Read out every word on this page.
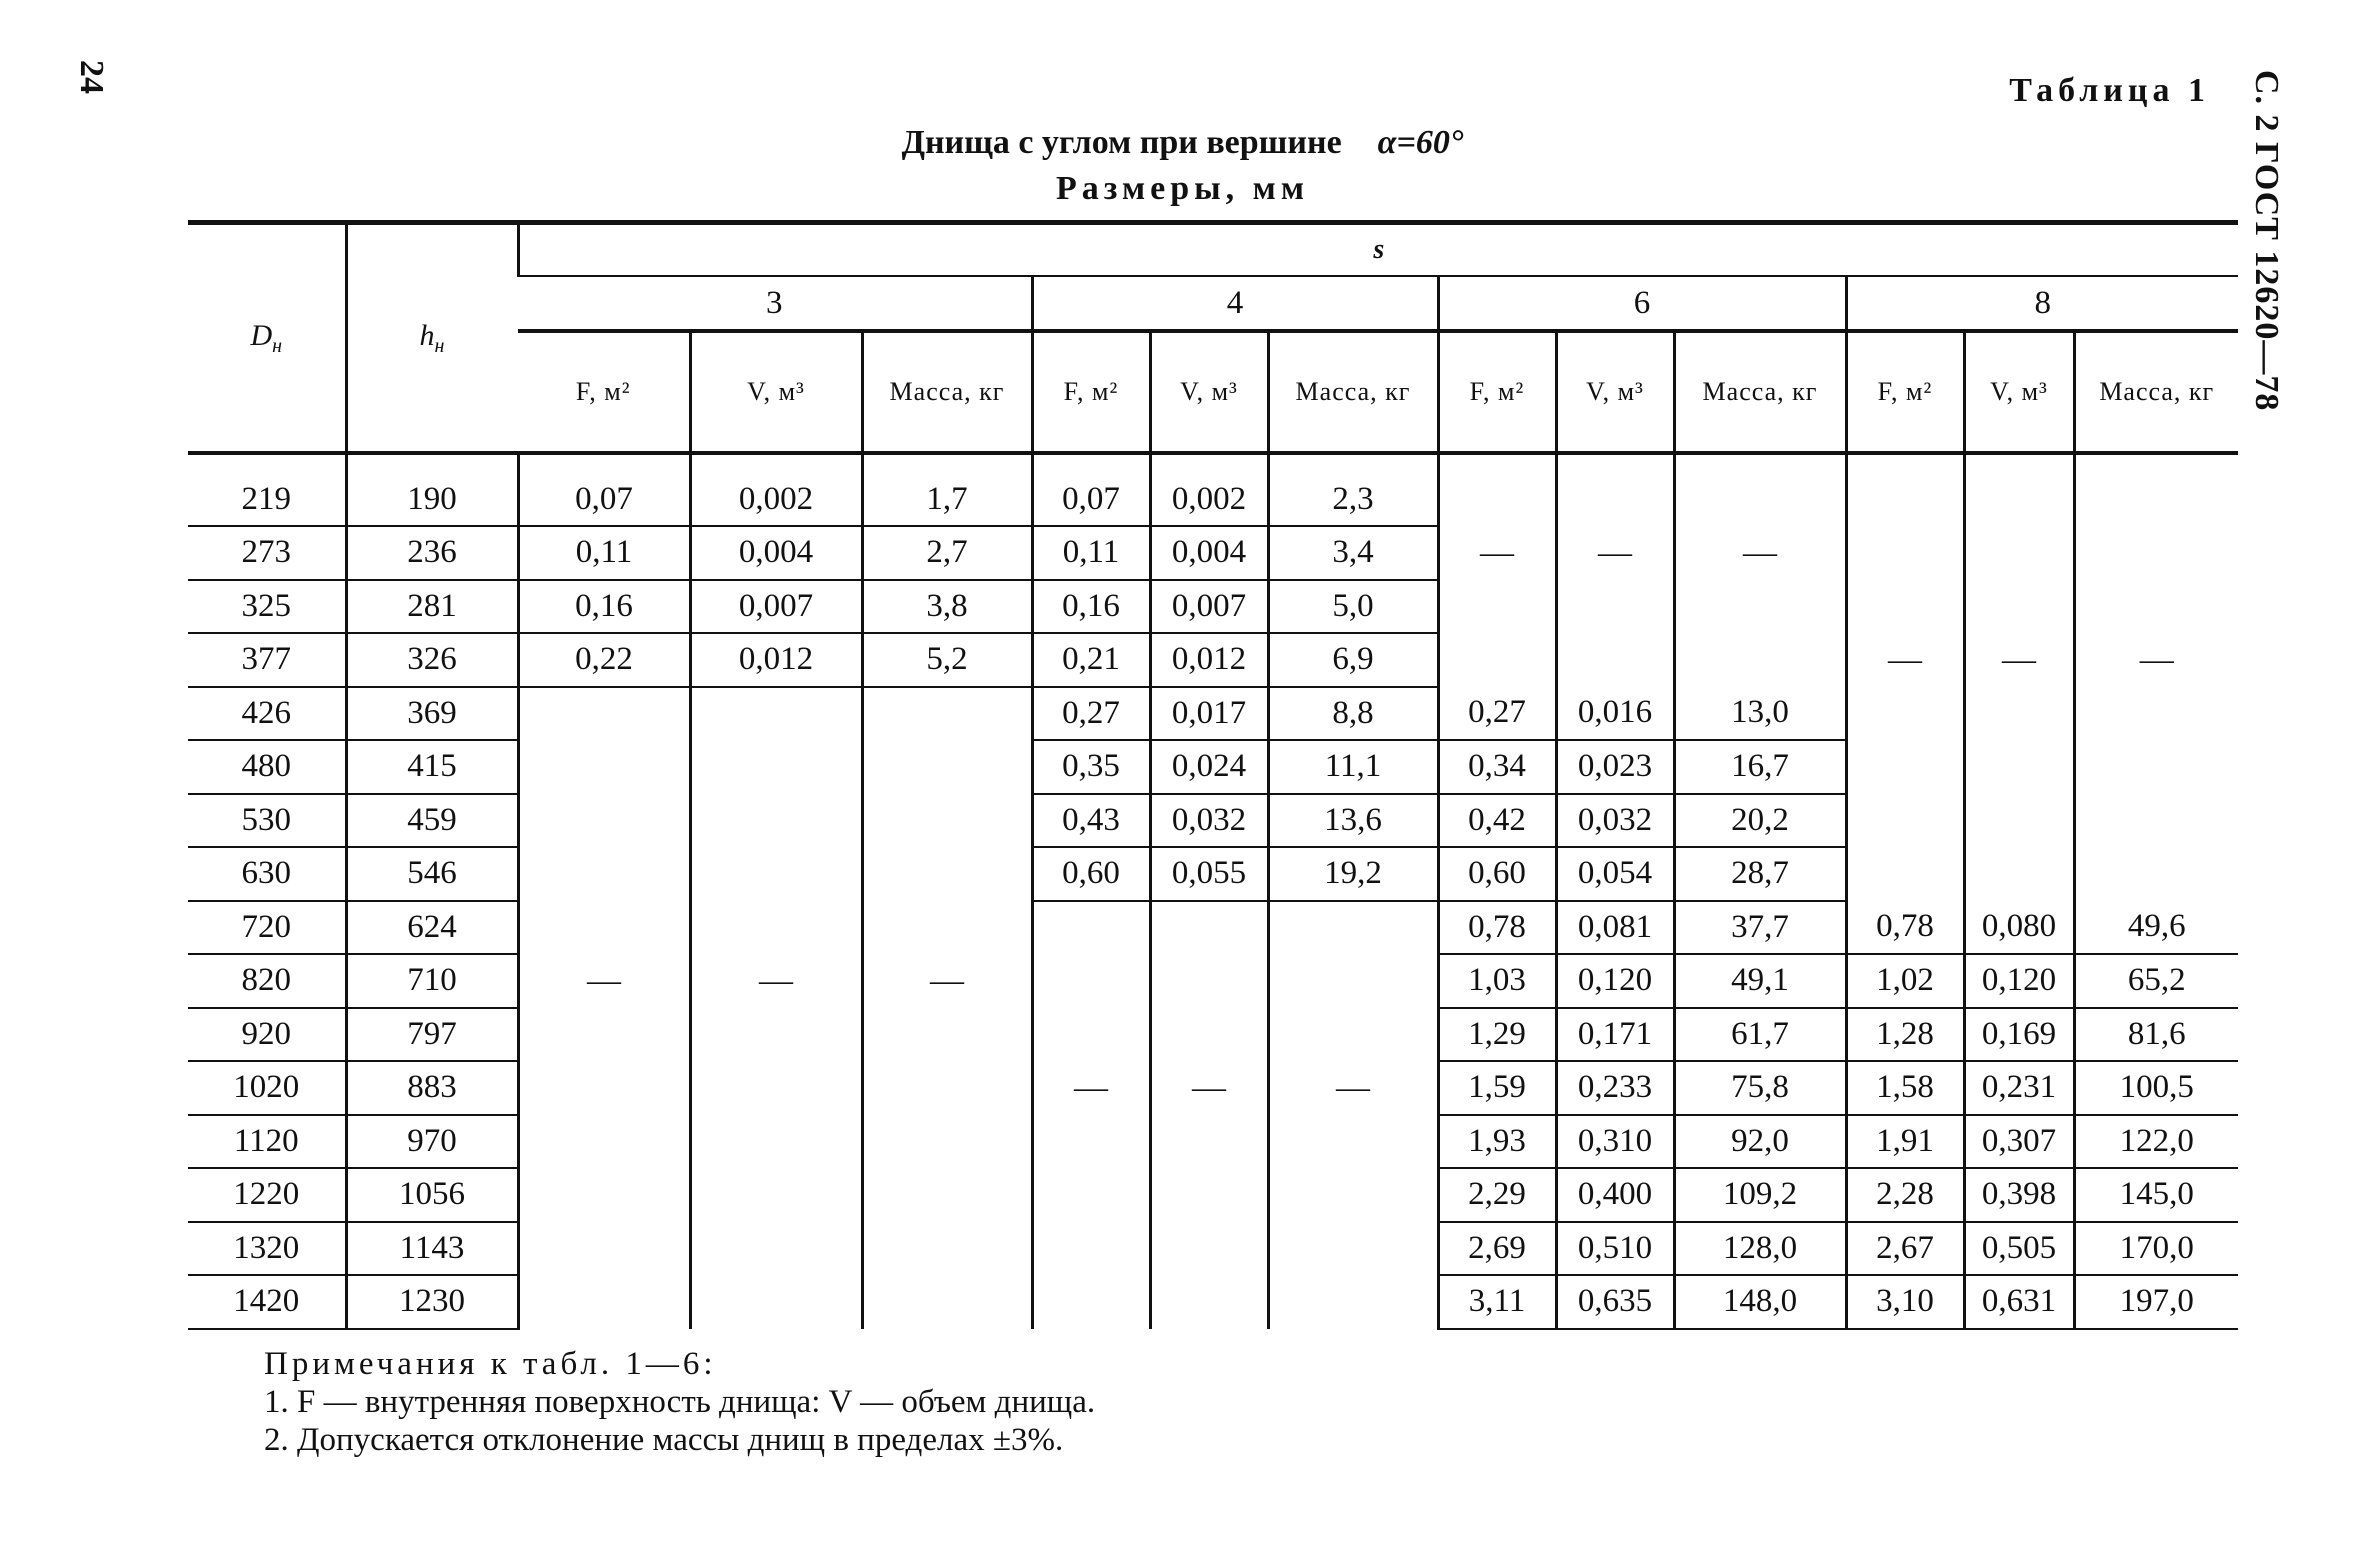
24	С. 2 ГОСТ 12620—78
Таблица 1
Днища с углом при вершине α=60°
Размеры, мм
$D_н$	$h_н$	s											
		3			4			6			8		
		F, м²	V, м³	Масса, кг	F, м²	V, м³	Масса, кг	F, м²	V, м³	Масса, кг	F, м²	V, м³	Масса, кг
219	190	0,07	0,002	1,7	0,07	0,002	2,3						
273	236	0,11	0,004	2,7	0,11	0,004	3,4	—	—	—			
325	281	0,16	0,007	3,8	0,16	0,007	5,0						
377	326	0,22	0,012	5,2	0,21	0,012	6,9				—	—	—
426	369				0,27	0,017	8,8	0,27	0,016	13,0			
480	415				0,35	0,024	11,1	0,34	0,023	16,7			
530	459				0,43	0,032	13,6	0,42	0,032	20,2			
630	546				0,60	0,055	19,2	0,60	0,054	28,7			
720	624							0,78	0,081	37,7	0,78	0,080	49,6
820	710	—	—	—				1,03	0,120	49,1	1,02	0,120	65,2
920	797							1,29	0,171	61,7	1,28	0,169	81,6
1020	883				—	—	—	1,59	0,233	75,8	1,58	0,231	100,5
1120	970							1,93	0,310	92,0	1,91	0,307	122,0
1220	1056							2,29	0,400	109,2	2,28	0,398	145,0
1320	1143							2,69	0,510	128,0	2,67	0,505	170,0
1420	1230							3,11	0,635	148,0	3,10	0,631	197,0
Примечания к табл. 1—6:
1. F — внутренняя поверхность днища: V — объем днища.
2. Допускается отклонение массы днищ в пределах ±3%.
